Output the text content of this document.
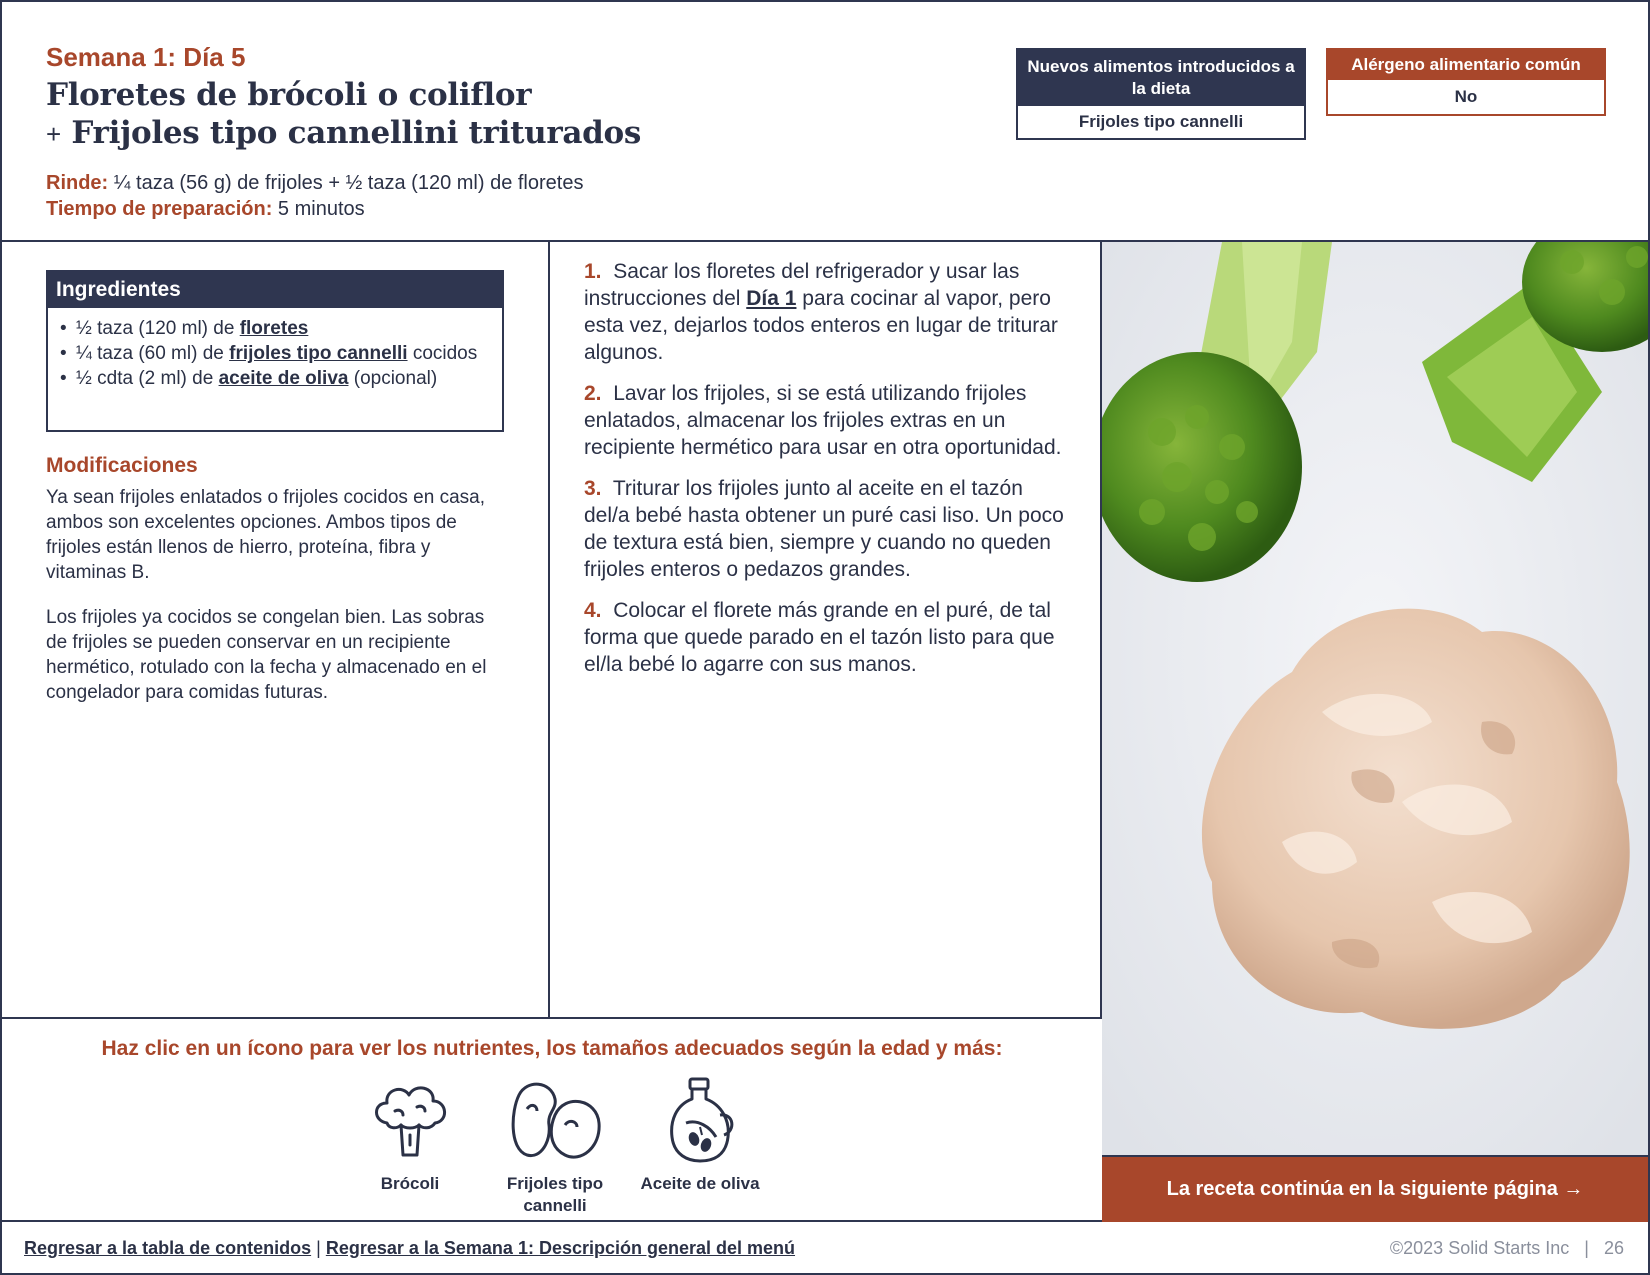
Semana 1: Día 5
Floretes de brócoli o coliflor
+ Frijoles tipo cannellini triturados
Rinde: ¼ taza (56 g) de frijoles + ½ taza (120 ml) de floretes
Tiempo de preparación: 5 minutos
Nuevos alimentos introducidos a la dieta
Frijoles tipo cannelli
Alérgeno alimentario común
No
Ingredientes
• ½ taza (120 ml) de floretes
• ¼ taza (60 ml) de frijoles tipo cannelli cocidos
• ½ cdta (2 ml) de aceite de oliva (opcional)
Modificaciones
Ya sean frijoles enlatados o frijoles cocidos en casa, ambos son excelentes opciones. Ambos tipos de frijoles están llenos de hierro, proteína, fibra y vitaminas B.
Los frijoles ya cocidos se congelan bien. Las sobras de frijoles se pueden conservar en un recipiente hermético, rotulado con la fecha y almacenado en el congelador para comidas futuras.
1. Sacar los floretes del refrigerador y usar las instrucciones del Día 1 para cocinar al vapor, pero esta vez, dejarlos todos enteros en lugar de triturar algunos.
2. Lavar los frijoles, si se está utilizando frijoles enlatados, almacenar los frijoles extras en un recipiente hermético para usar en otra oportunidad.
3. Triturar los frijoles junto al aceite en el tazón del/a bebé hasta obtener un puré casi liso. Un poco de textura está bien, siempre y cuando no queden frijoles enteros o pedazos grandes.
4. Colocar el florete más grande en el puré, de tal forma que quede parado en el tazón listo para que el/la bebé lo agarre con sus manos.
Haz clic en un ícono para ver los nutrientes, los tamaños adecuados según la edad y más:
Brócoli	Frijoles tipo cannelli
Aceite de oliva	La receta continúa en la siguiente página →
Regresar a la tabla de contenidos | Regresar a la Semana 1: Descripción general del menú	©2023 Solid Starts Inc | 26
